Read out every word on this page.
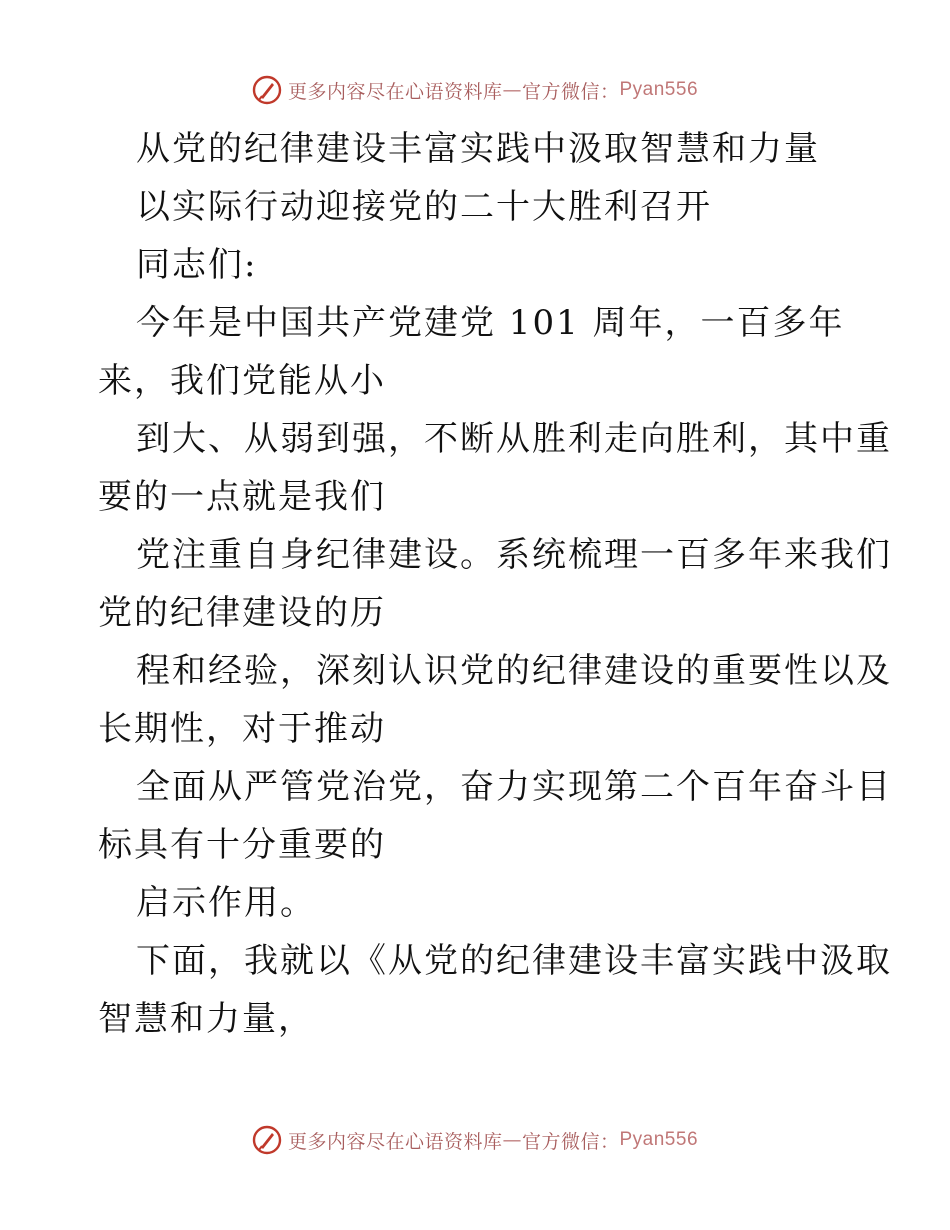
更多内容尽在心语资料库 — 官方微信： Pyan556
从党的纪律建设丰富实践中汲取智慧和力量
以实际行动迎接党的二十大胜利召开
同志们:
今年是中国共产党建党 101 周年，一百多年
来，我们党能从小
到大、从弱到强，不断从胜利走向胜利，其中重
要的一点就是我们
党注重自身纪律建设。系统梳理一百多年来我们
党的纪律建设的历
程和经验，深刻认识党的纪律建设的重要性以及
长期性，对于推动
全面从严管党治党，奋力实现第二个百年奋斗目
标具有十分重要的
启示作用。
下面，我就以《从党的纪律建设丰富实践中汲取
智慧和力量，
更多内容尽在心语资料库 — 官方微信： Pyan556
